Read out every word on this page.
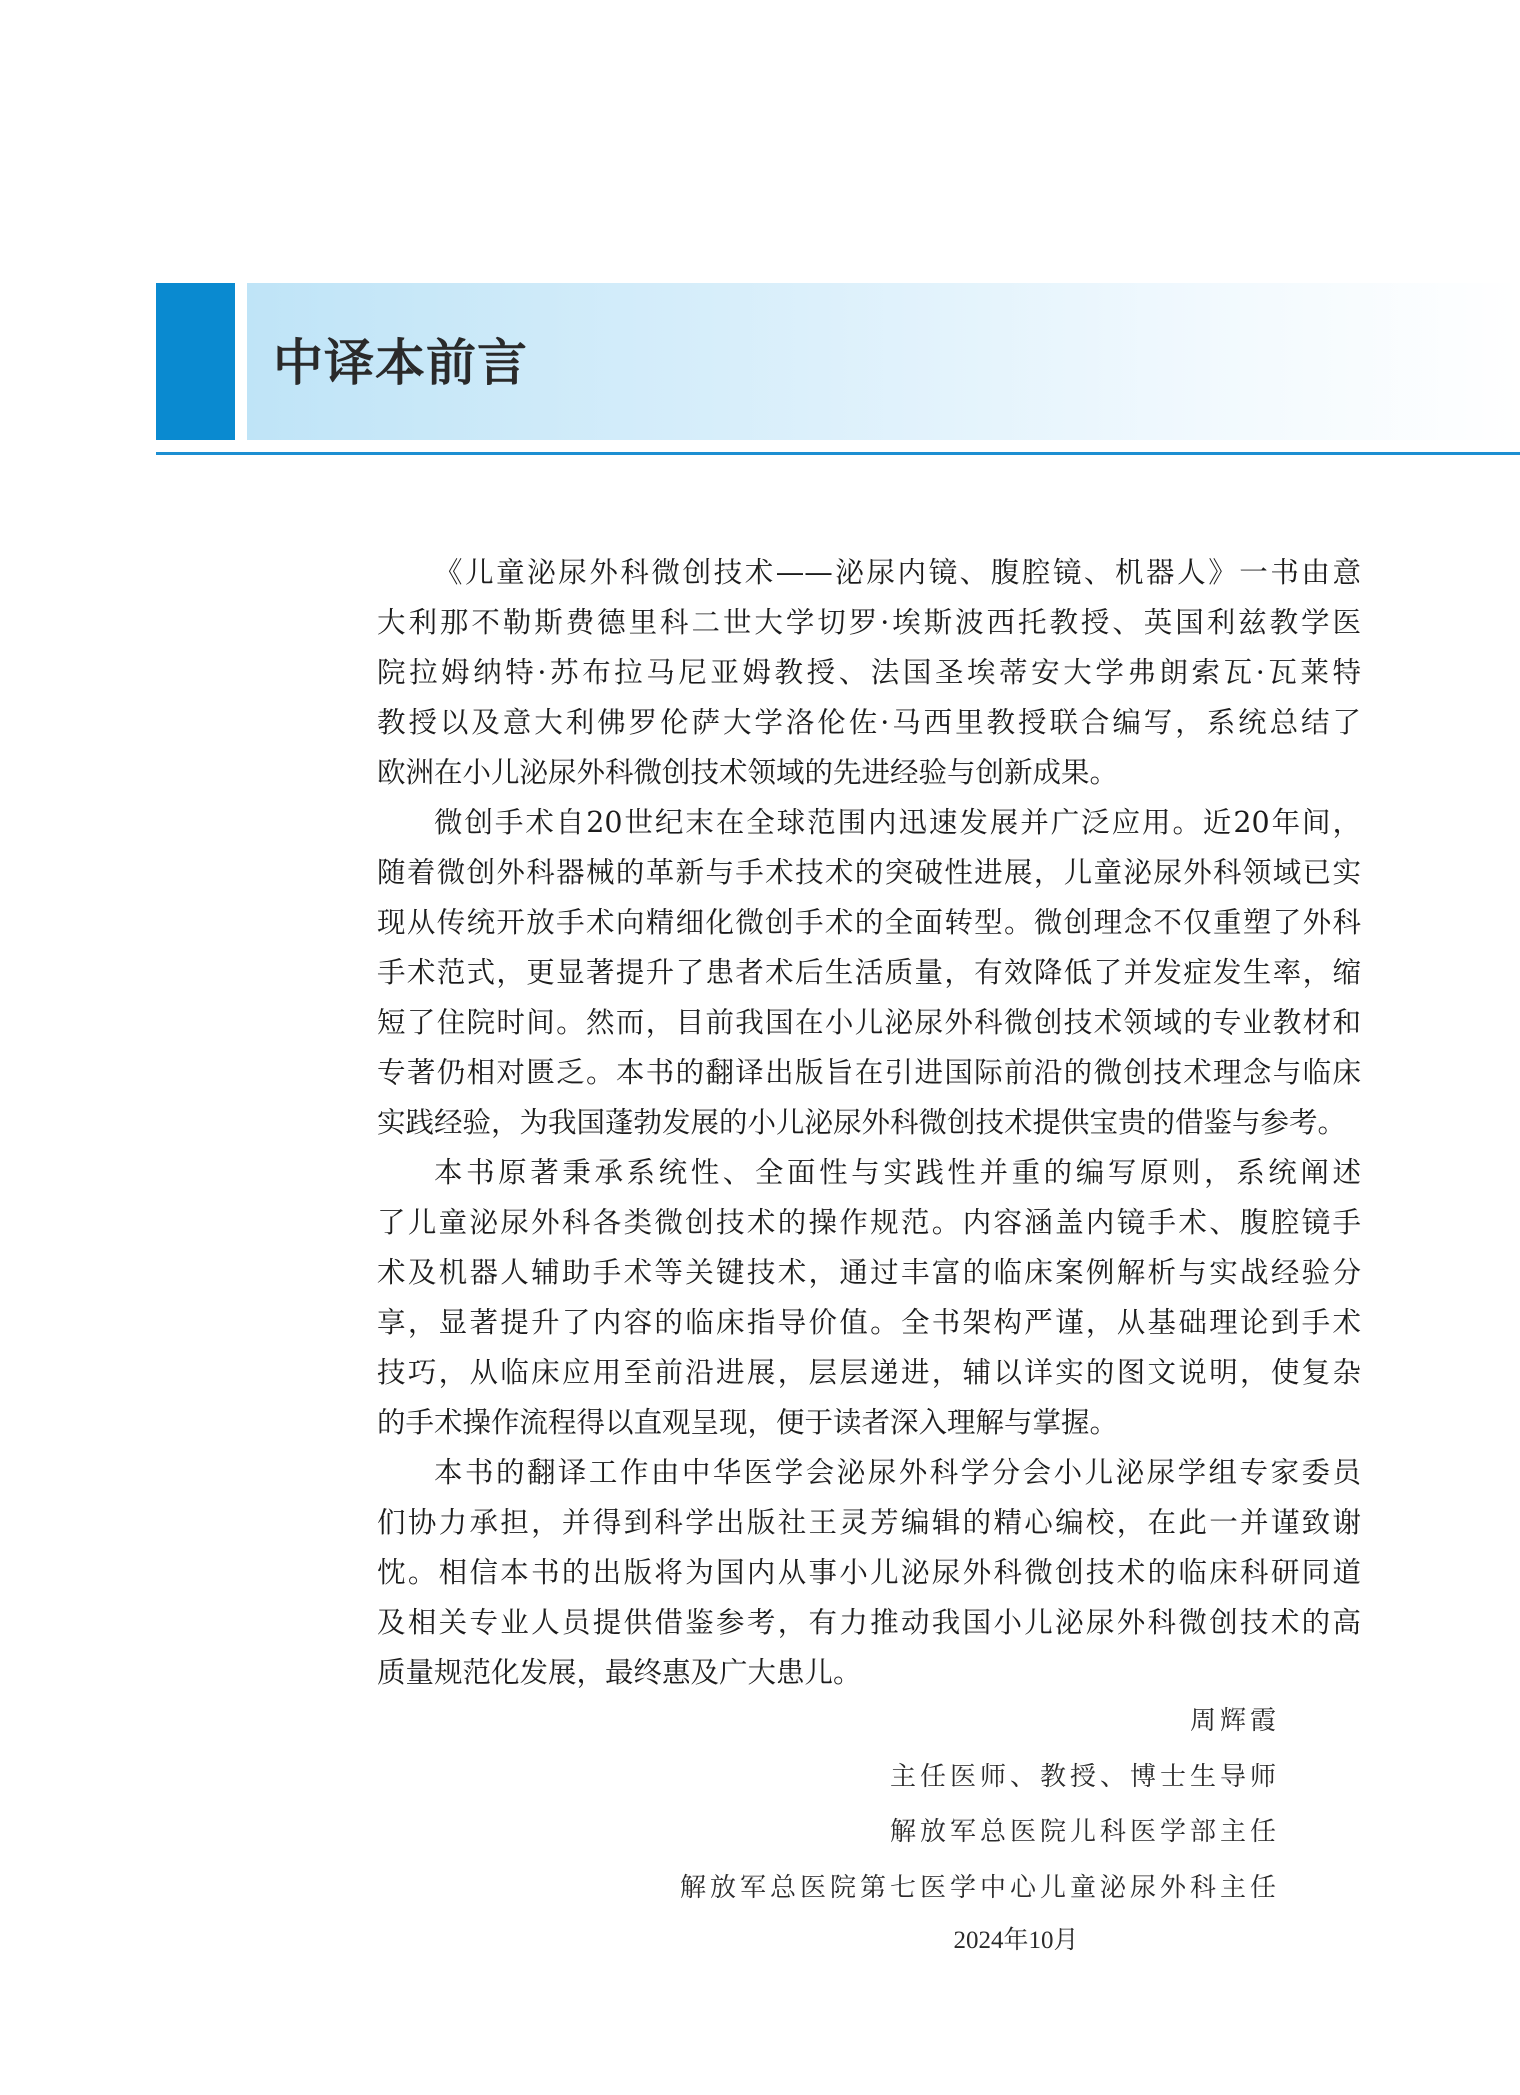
中译本前言
《儿童泌尿外科微创技术——泌尿内镜、腹腔镜、机器人》一书由意
大利那不勒斯费德里科二世大学切罗·埃斯波西托教授、英国利兹教学医
院拉姆纳特·苏布拉马尼亚姆教授、法国圣埃蒂安大学弗朗索瓦·瓦莱特
教授以及意大利佛罗伦萨大学洛伦佐·马西里教授联合编写，系统总结了
欧洲在小儿泌尿外科微创技术领域的先进经验与创新成果。
微创手术自20世纪末在全球范围内迅速发展并广泛应用。近20年间，
随着微创外科器械的革新与手术技术的突破性进展，儿童泌尿外科领域已实
现从传统开放手术向精细化微创手术的全面转型。微创理念不仅重塑了外科
手术范式，更显著提升了患者术后生活质量，有效降低了并发症发生率，缩
短了住院时间。然而，目前我国在小儿泌尿外科微创技术领域的专业教材和
专著仍相对匮乏。本书的翻译出版旨在引进国际前沿的微创技术理念与临床
实践经验，为我国蓬勃发展的小儿泌尿外科微创技术提供宝贵的借鉴与参考。
本书原著秉承系统性、全面性与实践性并重的编写原则，系统阐述
了儿童泌尿外科各类微创技术的操作规范。内容涵盖内镜手术、腹腔镜手
术及机器人辅助手术等关键技术，通过丰富的临床案例解析与实战经验分
享，显著提升了内容的临床指导价值。全书架构严谨，从基础理论到手术
技巧，从临床应用至前沿进展，层层递进，辅以详实的图文说明，使复杂
的手术操作流程得以直观呈现，便于读者深入理解与掌握。
本书的翻译工作由中华医学会泌尿外科学分会小儿泌尿学组专家委员
们协力承担，并得到科学出版社王灵芳编辑的精心编校，在此一并谨致谢
忱。相信本书的出版将为国内从事小儿泌尿外科微创技术的临床科研同道
及相关专业人员提供借鉴参考，有力推动我国小儿泌尿外科微创技术的高
质量规范化发展，最终惠及广大患儿。
周辉霞
主任医师、教授、博士生导师
解放军总医院儿科医学部主任
解放军总医院第七医学中心儿童泌尿外科主任
2024年10月
